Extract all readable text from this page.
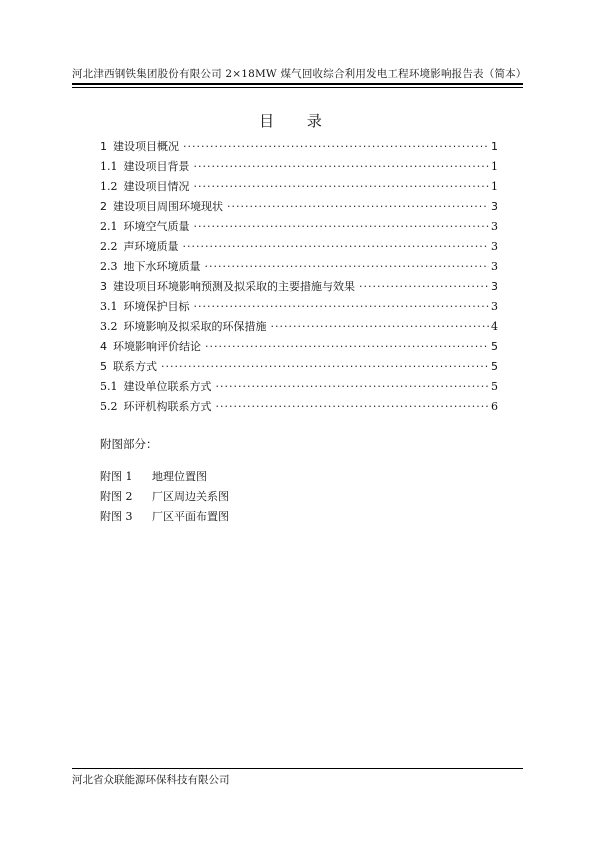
河北津西钢铁集团股份有限公司 2×18MW 煤气回收综合利用发电工程环境影响报告表（简本）
目 录
1 建设项目概况 ·····	1
1.1 建设项目背景 ·····	1
1.2 建设项目情况 ·····	1
2 建设项目周围环境现状 ·····	3
2.1 环境空气质量 ·····	3
2.2 声环境质量 ·····	3
2.3 地下水环境质量 ·····	3
3 建设项目环境影响预测及拟采取的主要措施与效果 ·····	3
3.1 环境保护目标 ·····	3
3.2 环境影响及拟采取的环保措施 ·····	4
4 环境影响评价结论 ·····	5
5 联系方式 ·····	5
5.1 建设单位联系方式 ·····	5
5.2 环评机构联系方式 ·····	6
附图部分：
附图 1	地理位置图
附图 2	厂区周边关系图
附图 3	厂区平面布置图
河北省众联能源环保科技有限公司
